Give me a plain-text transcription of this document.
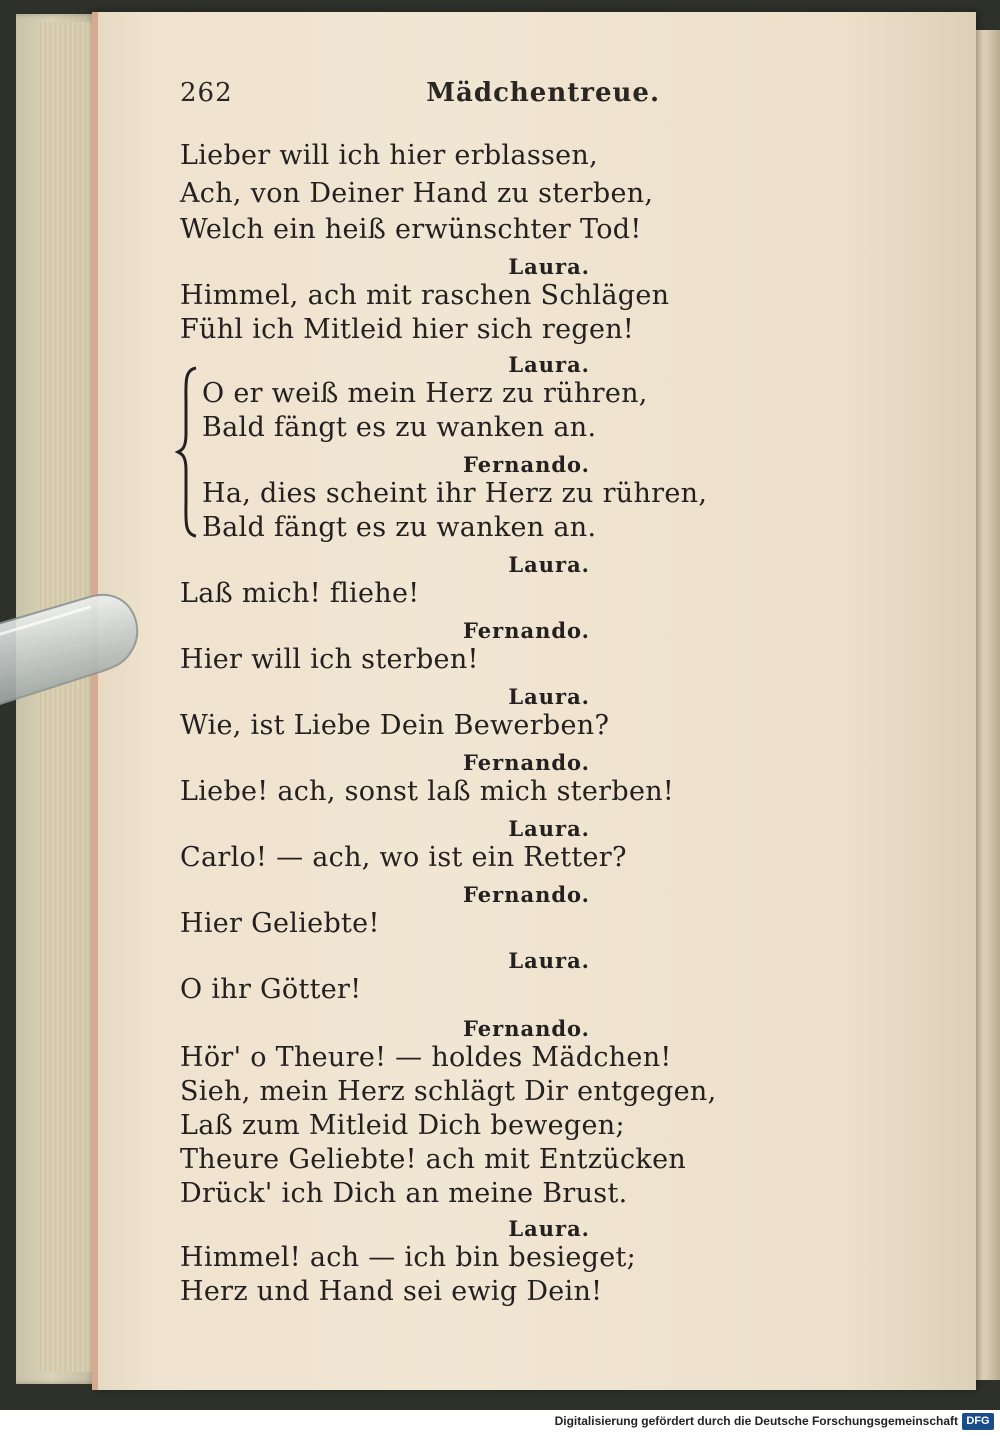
262	Mädchentreue.
Lieber will ich hier erblassen,
Ach, von Deiner Hand zu sterben,
Welch ein heiß erwünschter Tod!
Laura.
Himmel, ach mit raschen Schlägen
Fühl ich Mitleid hier sich regen!
Laura.
O er weiß mein Herz zu rühren,
Bald fängt es zu wanken an.
Fernando.
Ha, dies scheint ihr Herz zu rühren,
Bald fängt es zu wanken an.
Laura.
Laß mich! fliehe!
Fernando.
Hier will ich sterben!
Laura.
Wie, ist Liebe Dein Bewerben?
Fernando.
Liebe! ach, sonst laß mich sterben!
Laura.
Carlo! — ach, wo ist ein Retter?
Fernando.
Hier Geliebte!
Laura.
O ihr Götter!
Fernando.
Hör' o Theure! — holdes Mädchen!
Sieh, mein Herz schlägt Dir entgegen,
Laß zum Mitleid Dich bewegen;
Theure Geliebte! ach mit Entzücken
Drück' ich Dich an meine Brust.
Laura.
Himmel! ach — ich bin besieget;
Herz und Hand sei ewig Dein!
Digitalisierung gefördert durch die Deutsche Forschungsgemeinschaft DFG
